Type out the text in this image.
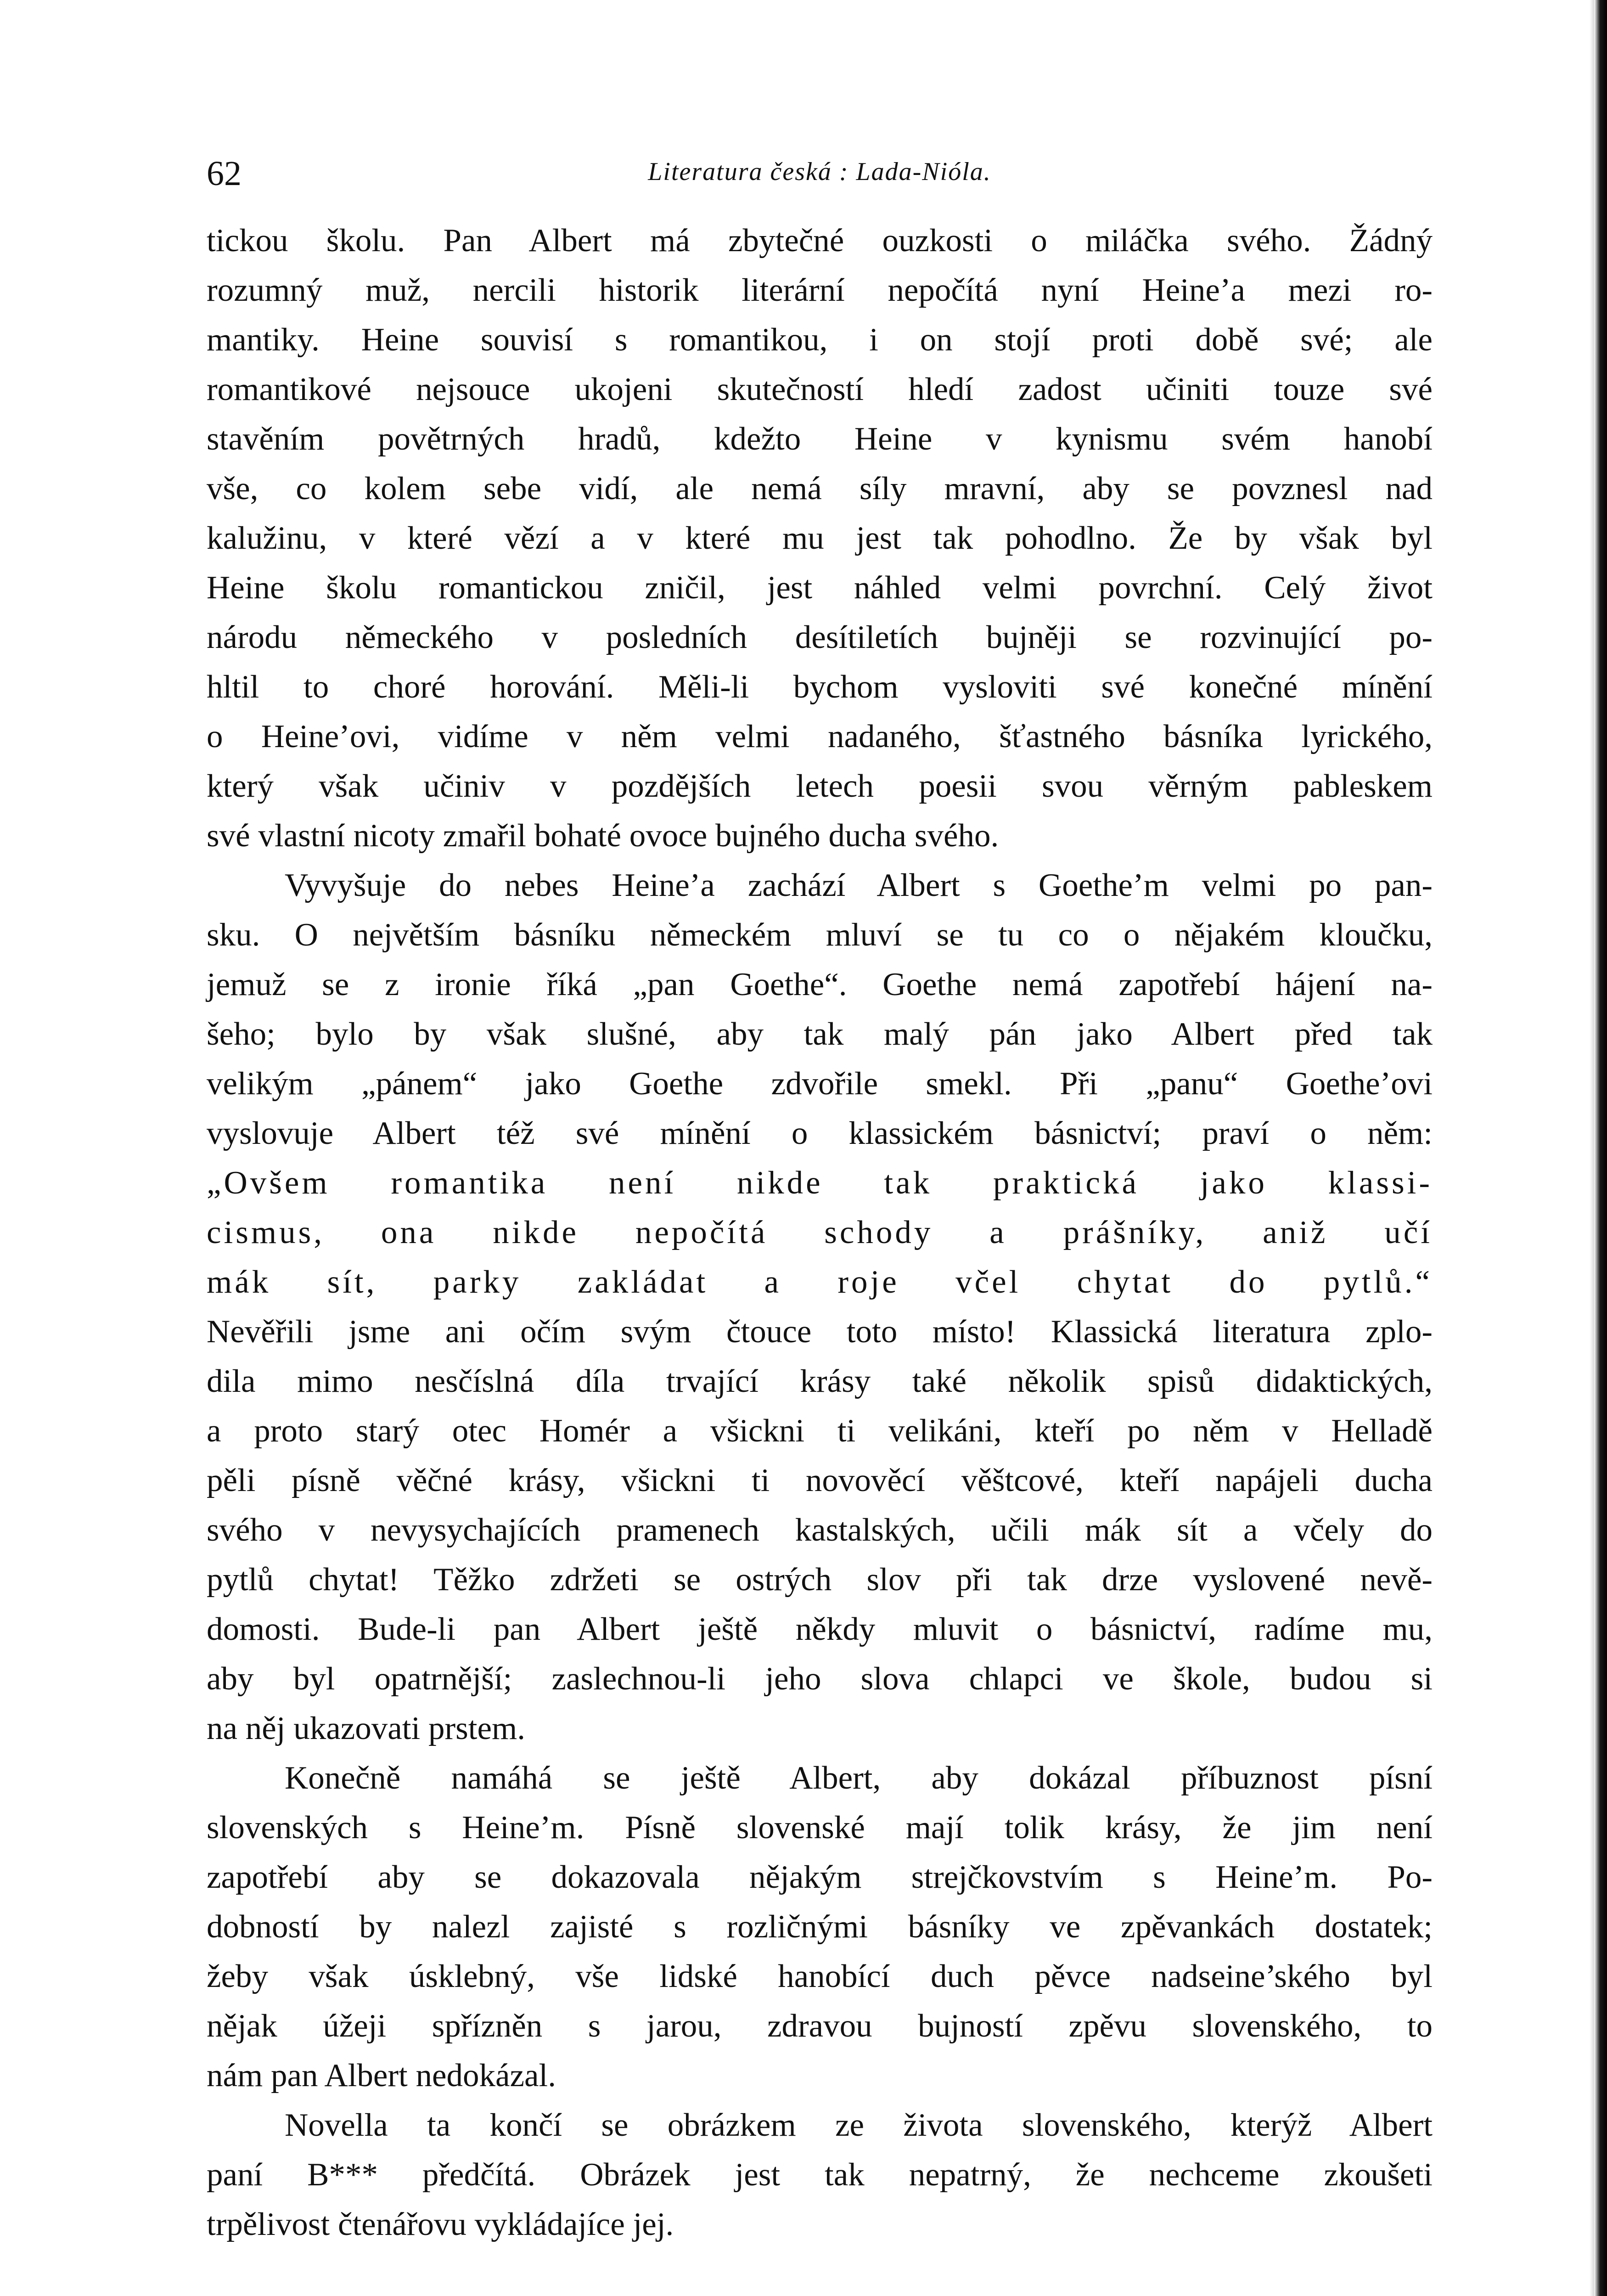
62	Literatura česká : Lada-Nióla.
tickou školu. Pan Albert má zbytečné ouzkosti o miláčka svého. Žádný
rozumný muž, nercili historik literární nepočítá nyní Heine’a mezi ro-
mantiky. Heine souvisí s romantikou, i on stojí proti době své; ale
romantikové nejsouce ukojeni skutečností hledí zadost učiniti touze své
stavěním povětrných hradů, kdežto Heine v kynismu svém hanobí
vše, co kolem sebe vidí, ale nemá síly mravní, aby se povznesl nad
kalužinu, v které vězí a v které mu jest tak pohodlno. Že by však byl
Heine školu romantickou zničil, jest náhled velmi povrchní. Celý život
národu německého v posledních desítiletích bujněji se rozvinující po-
hltil to choré horování. Měli-li bychom vysloviti své konečné mínění
o Heine’ovi, vidíme v něm velmi nadaného, šťastného básníka lyrického,
který však učiniv v pozdějších letech poesii svou věrným pableskem
své vlastní nicoty zmařil bohaté ovoce bujného ducha svého.
Vyvyšuje do nebes Heine’a zachází Albert s Goethe’m velmi po pan-
sku. O největším básníku německém mluví se tu co o nějakém kloučku,
jemuž se z ironie říká „pan Goethe“. Goethe nemá zapotřebí hájení na-
šeho; bylo by však slušné, aby tak malý pán jako Albert před tak
velikým „pánem“ jako Goethe zdvořile smekl. Při „panu“ Goethe’ovi
vyslovuje Albert též své mínění o klassickém básnictví; praví o něm:
„Ovšem romantika není nikde tak praktická jako klassi-
cismus, ona nikde nepočítá schody a prášníky, aniž učí
mák sít, parky zakládat a roje včel chytat do pytlů.“
Nevěřili jsme ani očím svým čtouce toto místo! Klassická literatura zplo-
dila mimo nesčíslná díla trvající krásy také několik spisů didaktických,
a proto starý otec Homér a všickni ti velikáni, kteří po něm v Helladě
pěli písně věčné krásy, všickni ti novověcí věštcové, kteří napájeli ducha
svého v nevysychajících pramenech kastalských, učili mák sít a včely do
pytlů chytat! Těžko zdržeti se ostrých slov při tak drze vyslovené nevě-
domosti. Bude-li pan Albert ještě někdy mluvit o básnictví, radíme mu,
aby byl opatrnější; zaslechnou-li jeho slova chlapci ve škole, budou si
na něj ukazovati prstem.
Konečně namáhá se ještě Albert, aby dokázal příbuznost písní
slovenských s Heine’m. Písně slovenské mají tolik krásy, že jim není
zapotřebí aby se dokazovala nějakým strejčkovstvím s Heine’m. Po-
dobností by nalezl zajisté s rozličnými básníky ve zpěvankách dostatek;
žeby však úsklebný, vše lidské hanobící duch pěvce nadseine’ského byl
nějak úžeji spřízněn s jarou, zdravou bujností zpěvu slovenského, to
nám pan Albert nedokázal.
Novella ta končí se obrázkem ze života slovenského, kterýž Albert
paní B*** předčítá. Obrázek jest tak nepatrný, že nechceme zkoušeti
trpělivost čtenářovu vykládajíce jej.
